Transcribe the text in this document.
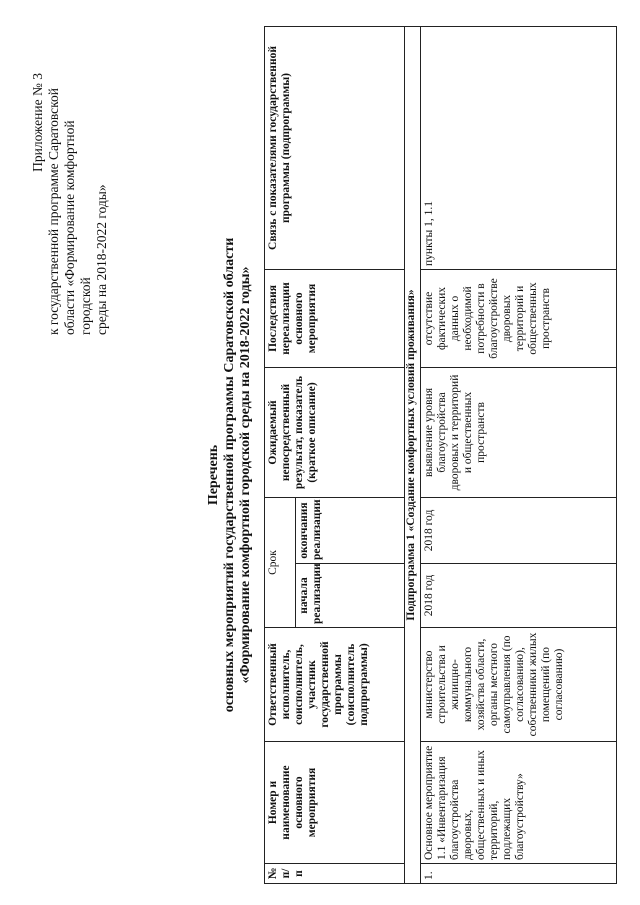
Приложение № 3 к государственной программе Саратовской области «Формирование комфортной городской среды на 2018-2022 годы»
Перечень основных мероприятий государственной программы Саратовской области «Формирование комфортной городской среды на 2018-2022 годы»
№ п/п	Номер и наименование основного мероприятия	Ответственный исполнитель, соисполнитель, участник государственной программы (соисполнитель подпрограммы)	Срок		Ожидаемый непосредственный результат, показатель (краткое описание)	Последствия нереализации основного мероприятия	Связь с показателями государственной программы (подпрограммы)
			начала реализации	окончания реализации			
Подпрограмма 1 «Создание комфортных условий проживания»							
1.	Основное мероприятие 1.1 «Инвентаризация благоустройства дворовых, общественных и иных территорий, подлежащих благоустройству»	министерство строительства и жилищно-коммунального хозяйства области, органы местного самоуправления (по согласованию), собственники жилых помещений (по согласованию)	2018 год	2018 год	выявление уровня благоустройства дворовых и территорий и общественных пространств	отсутствие фактических данных о необходимой потребности в благоустройстве дворовых территорий и общественных пространств	пункты 1, 1.1
